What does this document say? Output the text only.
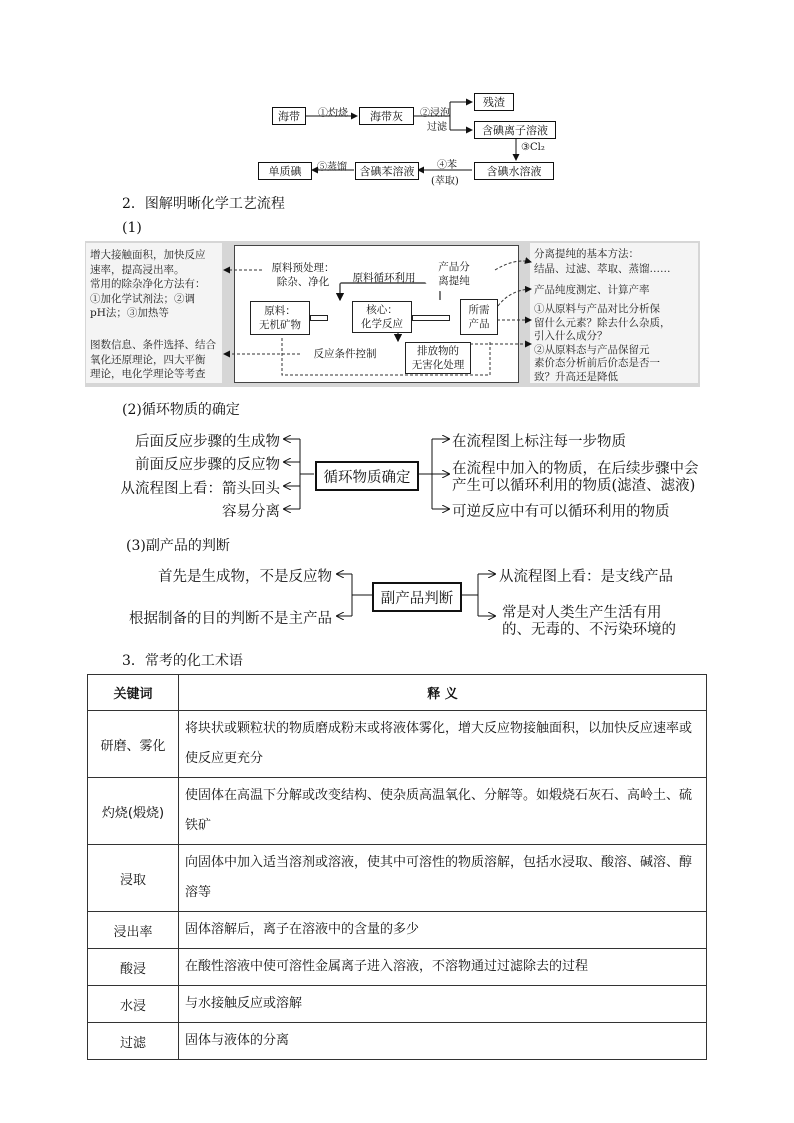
海带	海带灰
残渣
含碘离子溶液
含碘水溶液
含碘苯溶液
单质碘
①灼烧	②浸泡
过滤
③Cl₂
④苯
(萃取)
⑤蒸馏
2．图解明晰化学工艺流程
(1)
增大接触面积，加快反应
速率，提高浸出率。
常用的除杂净化方法有：
①加化学试剂法；②调
pH法；③加热等
图数信息、条件选择、结合
氧化还原理论，四大平衡
理论，电化学理论等考查
原料预处理：
除杂、净化	原料循环利用
产品分
离提纯
原料：
无机矿物
核心：
化学反应
所需
产品
反应条件控制	排放物的
无害化处理
分离提纯的基本方法：
结晶、过滤、萃取、蒸馏……
产品纯度测定、计算产率
①从原料与产品对比分析保
留什么元素？除去什么杂质，
引入什么成分？
②从原料态与产品保留元
素价态分析前后价态是否一
致？升高还是降低
(2)循环物质的确定
后面反应步骤的生成物
前面反应步骤的反应物
从流程图上看：箭头回头
容易分离
循环物质确定
在流程图上标注每一步物质
在流程中加入的物质，在后续步骤中会
产生可以循环利用的物质(滤渣、滤液)
可逆反应中有可以循环利用的物质
(3)副产品的判断
首先是生成物，不是反应物
根据制备的目的判断不是主产品
副产品判断
从流程图上看：是支线产品
常是对人类生产生活有用
的、无毒的、不污染环境的
3．常考的化工术语
关键词	释 义
研磨、雾化	将块状或颗粒状的物质磨成粉末或将液体雾化，增大反应物接触面积，以加快反应速率或使反应更充分
灼烧(煅烧)	使固体在高温下分解或改变结构、使杂质高温氧化、分解等。如煅烧石灰石、高岭土、硫铁矿
浸取	向固体中加入适当溶剂或溶液，使其中可溶性的物质溶解，包括水浸取、酸溶、碱溶、醇溶等
浸出率	固体溶解后，离子在溶液中的含量的多少
酸浸	在酸性溶液中使可溶性金属离子进入溶液，不溶物通过过滤除去的过程
水浸	与水接触反应或溶解
过滤	固体与液体的分离
